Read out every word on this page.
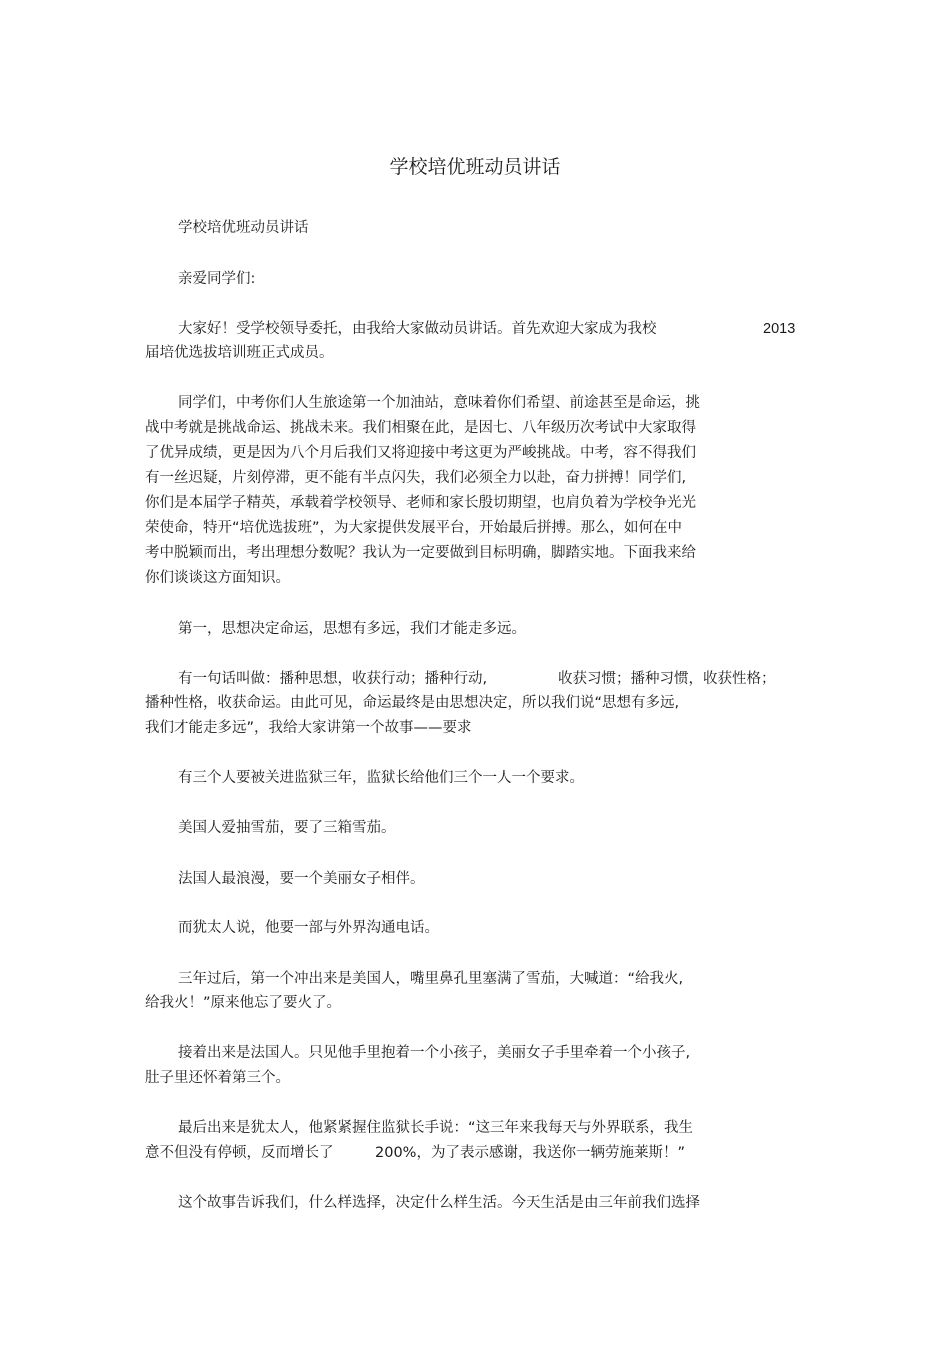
学校培优班动员讲话
学校培优班动员讲话
亲爱同学们:
大家好！受学校领导委托，由我给大家做动员讲话。首先欢迎大家成为我校	2013
届培优选拔培训班正式成员。
同学们，中考你们人生旅途第一个加油站，意味着你们希望、前途甚至是命运，挑
战中考就是挑战命运、挑战未来。我们相聚在此，是因七、八年级历次考试中大家取得
了优异成绩，更是因为八个月后我们又将迎接中考这更为严峻挑战。中考，容不得我们
有一丝迟疑，片刻停滞，更不能有半点闪失，我们必须全力以赴，奋力拼搏！同学们,
你们是本届学子精英，承载着学校领导、老师和家长殷切期望，也肩负着为学校争光光
荣使命，特开“培优选拔班”，为大家提供发展平台，开始最后拼搏。那么，如何在中
考中脱颖而出，考出理想分数呢？我认为一定要做到目标明确，脚踏实地。下面我来给
你们谈谈这方面知识。
第一，思想决定命运，思想有多远，我们才能走多远。
有一句话叫做：播种思想，收获行动；播种行动,	收获习惯；播种习惯，收获性格；
播种性格，收获命运。由此可见，命运最终是由思想决定，所以我们说“思想有多远,
我们才能走多远”，我给大家讲第一个故事——要求
有三个人要被关进监狱三年，监狱长给他们三个一人一个要求。
美国人爱抽雪茄，要了三箱雪茄。
法国人最浪漫，要一个美丽女子相伴。
而犹太人说，他要一部与外界沟通电话。
三年过后，第一个冲出来是美国人，嘴里鼻孔里塞满了雪茄，大喊道：“给我火,
给我火！”原来他忘了要火了。
接着出来是法国人。只见他手里抱着一个小孩子，美丽女子手里牵着一个小孩子,
肚子里还怀着第三个。
最后出来是犹太人，他紧紧握住监狱长手说：“这三年来我每天与外界联系，我生
意不但没有停顿，反而增长了	200%，为了表示感谢，我送你一辆劳施莱斯！”
这个故事告诉我们，什么样选择，决定什么样生活。今天生活是由三年前我们选择
